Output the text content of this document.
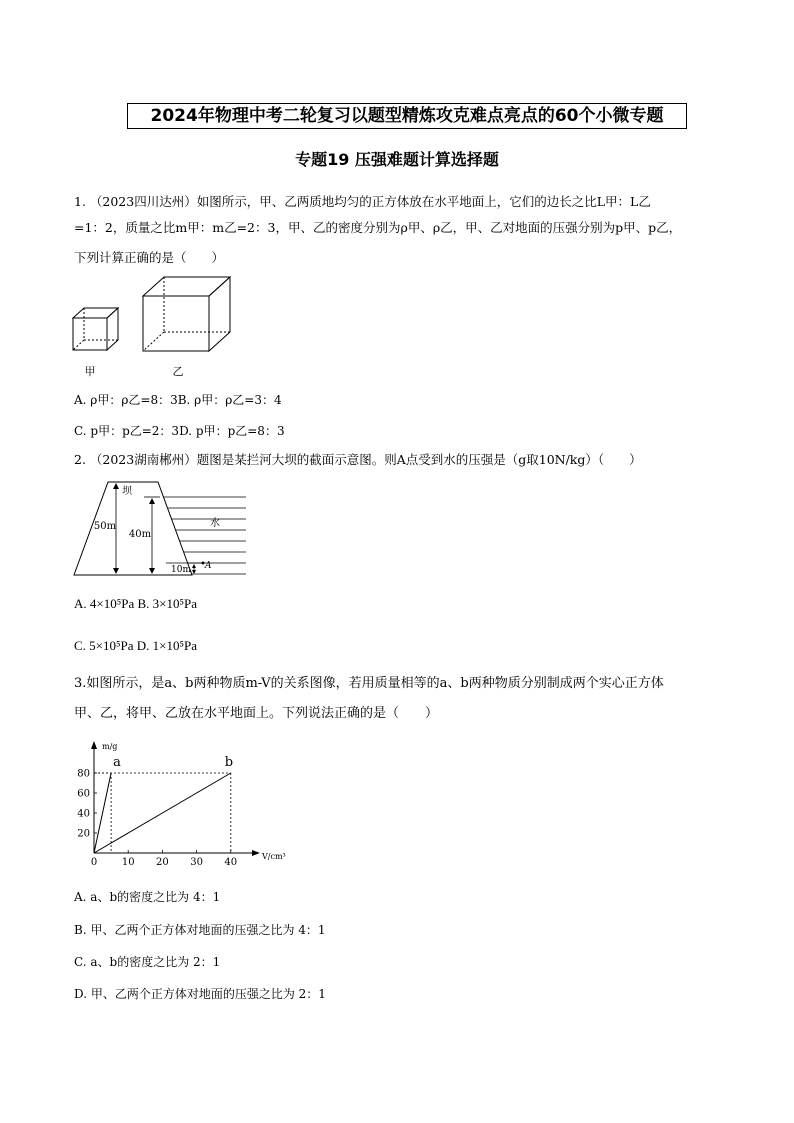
2024年物理中考二轮复习以题型精炼攻克难点亮点的60个小微专题
专题19 压强难题计算选择题
1. （2023四川达州）如图所示，甲、乙两质地均匀的正方体放在水平地面上，它们的边长之比L甲：L乙
=1：2，质量之比m甲：m乙=2：3，甲、乙的密度分别为ρ甲、ρ乙，甲、乙对地面的压强分别为p甲、p乙，
下列计算正确的是（　　）
甲	乙
A. ρ甲：ρ乙=8：3B. ρ甲：ρ乙=3：4
C. p甲：p乙=2：3D. p甲：p乙=8：3
2. （2023湖南郴州）题图是某拦河大坝的截面示意图。则A点受到水的压强是（g取10N/kg）（　　）
坝
水
50m
40m
10m A
A. 4×10⁵Pa B. 3×10⁵Pa
C. 5×10⁵Pa D. 1×10⁵Pa
3.如图所示，是a、b两种物质m-V的关系图像，若用质量相等的a、b两种物质分别制成两个实心正方体
甲、乙，将甲、乙放在水平地面上。下列说法正确的是（　　）
0 10 20 30 40
20
40
60
80
a	b
m/g
V/cm³
A. a、b的密度之比为 4：1
B. 甲、乙两个正方体对地面的压强之比为 4：1
C. a、b的密度之比为 2：1
D. 甲、乙两个正方体对地面的压强之比为 2：1
